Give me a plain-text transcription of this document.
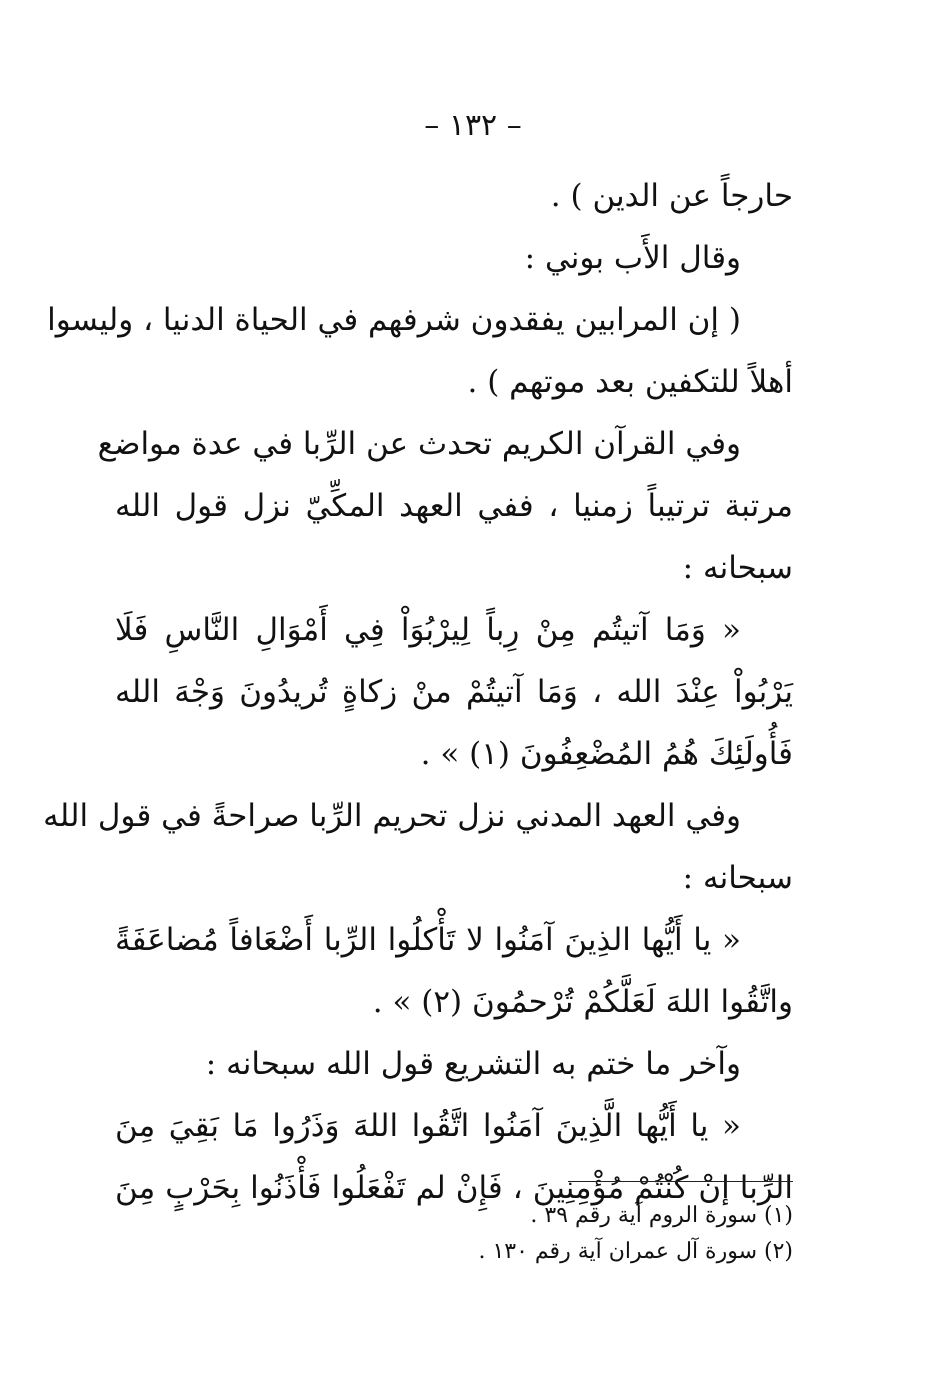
– ١٣٢ –
حارجاً عن الدين ) .
وقال الأَب بوني :
( إن المرابين يفقدون شرفهم في الحياة الدنيا ، وليسوا
أهلاً للتكفين بعد موتهم ) .
وفي القرآن الكريم تحدث عن الرِّبا في عدة مواضع
مرتبة ترتيباً زمنيا ، ففي العهد المكِّيّ نزل قول الله
سبحانه :
« وَمَا آتيتُم مِنْ رِباً لِيرْبُوَاْ فِي أَمْوَالِ النَّاسِ فَلَا
يَرْبُواْ عِنْدَ الله ، وَمَا آتيتُمْ منْ زكاةٍ تُريدُونَ وَجْهَ الله
فَأُولَئِكَ هُمُ المُضْعِفُونَ (١) » .
وفي العهد المدني نزل تحريم الرِّبا صراحةً في قول الله
سبحانه :
« يا أَيُّها الذِينَ آمَنُوا لا تَأْكلُوا الرِّبا أَضْعَافاً مُضاعَفَةً
واتَّقُوا اللهَ لَعَلَّكُمْ تُرْحمُونَ (٢) » .
وآخر ما ختم به التشريع قول الله سبحانه :
« يا أَيُّها الَّذِينَ آمَنُوا اتَّقُوا اللهَ وَذَرُوا مَا بَقِيَ مِنَ
الرِّبا إنْ كُنْتُمْ مُؤْمِنِينَ ، فَإِنْ لم تَفْعَلُوا فَأْذَنُوا بِحَرْبٍ مِنَ
(١) سورة الروم آية رقم ٣٩ .
(٢) سورة آل عمران آية رقم ١٣٠ .
